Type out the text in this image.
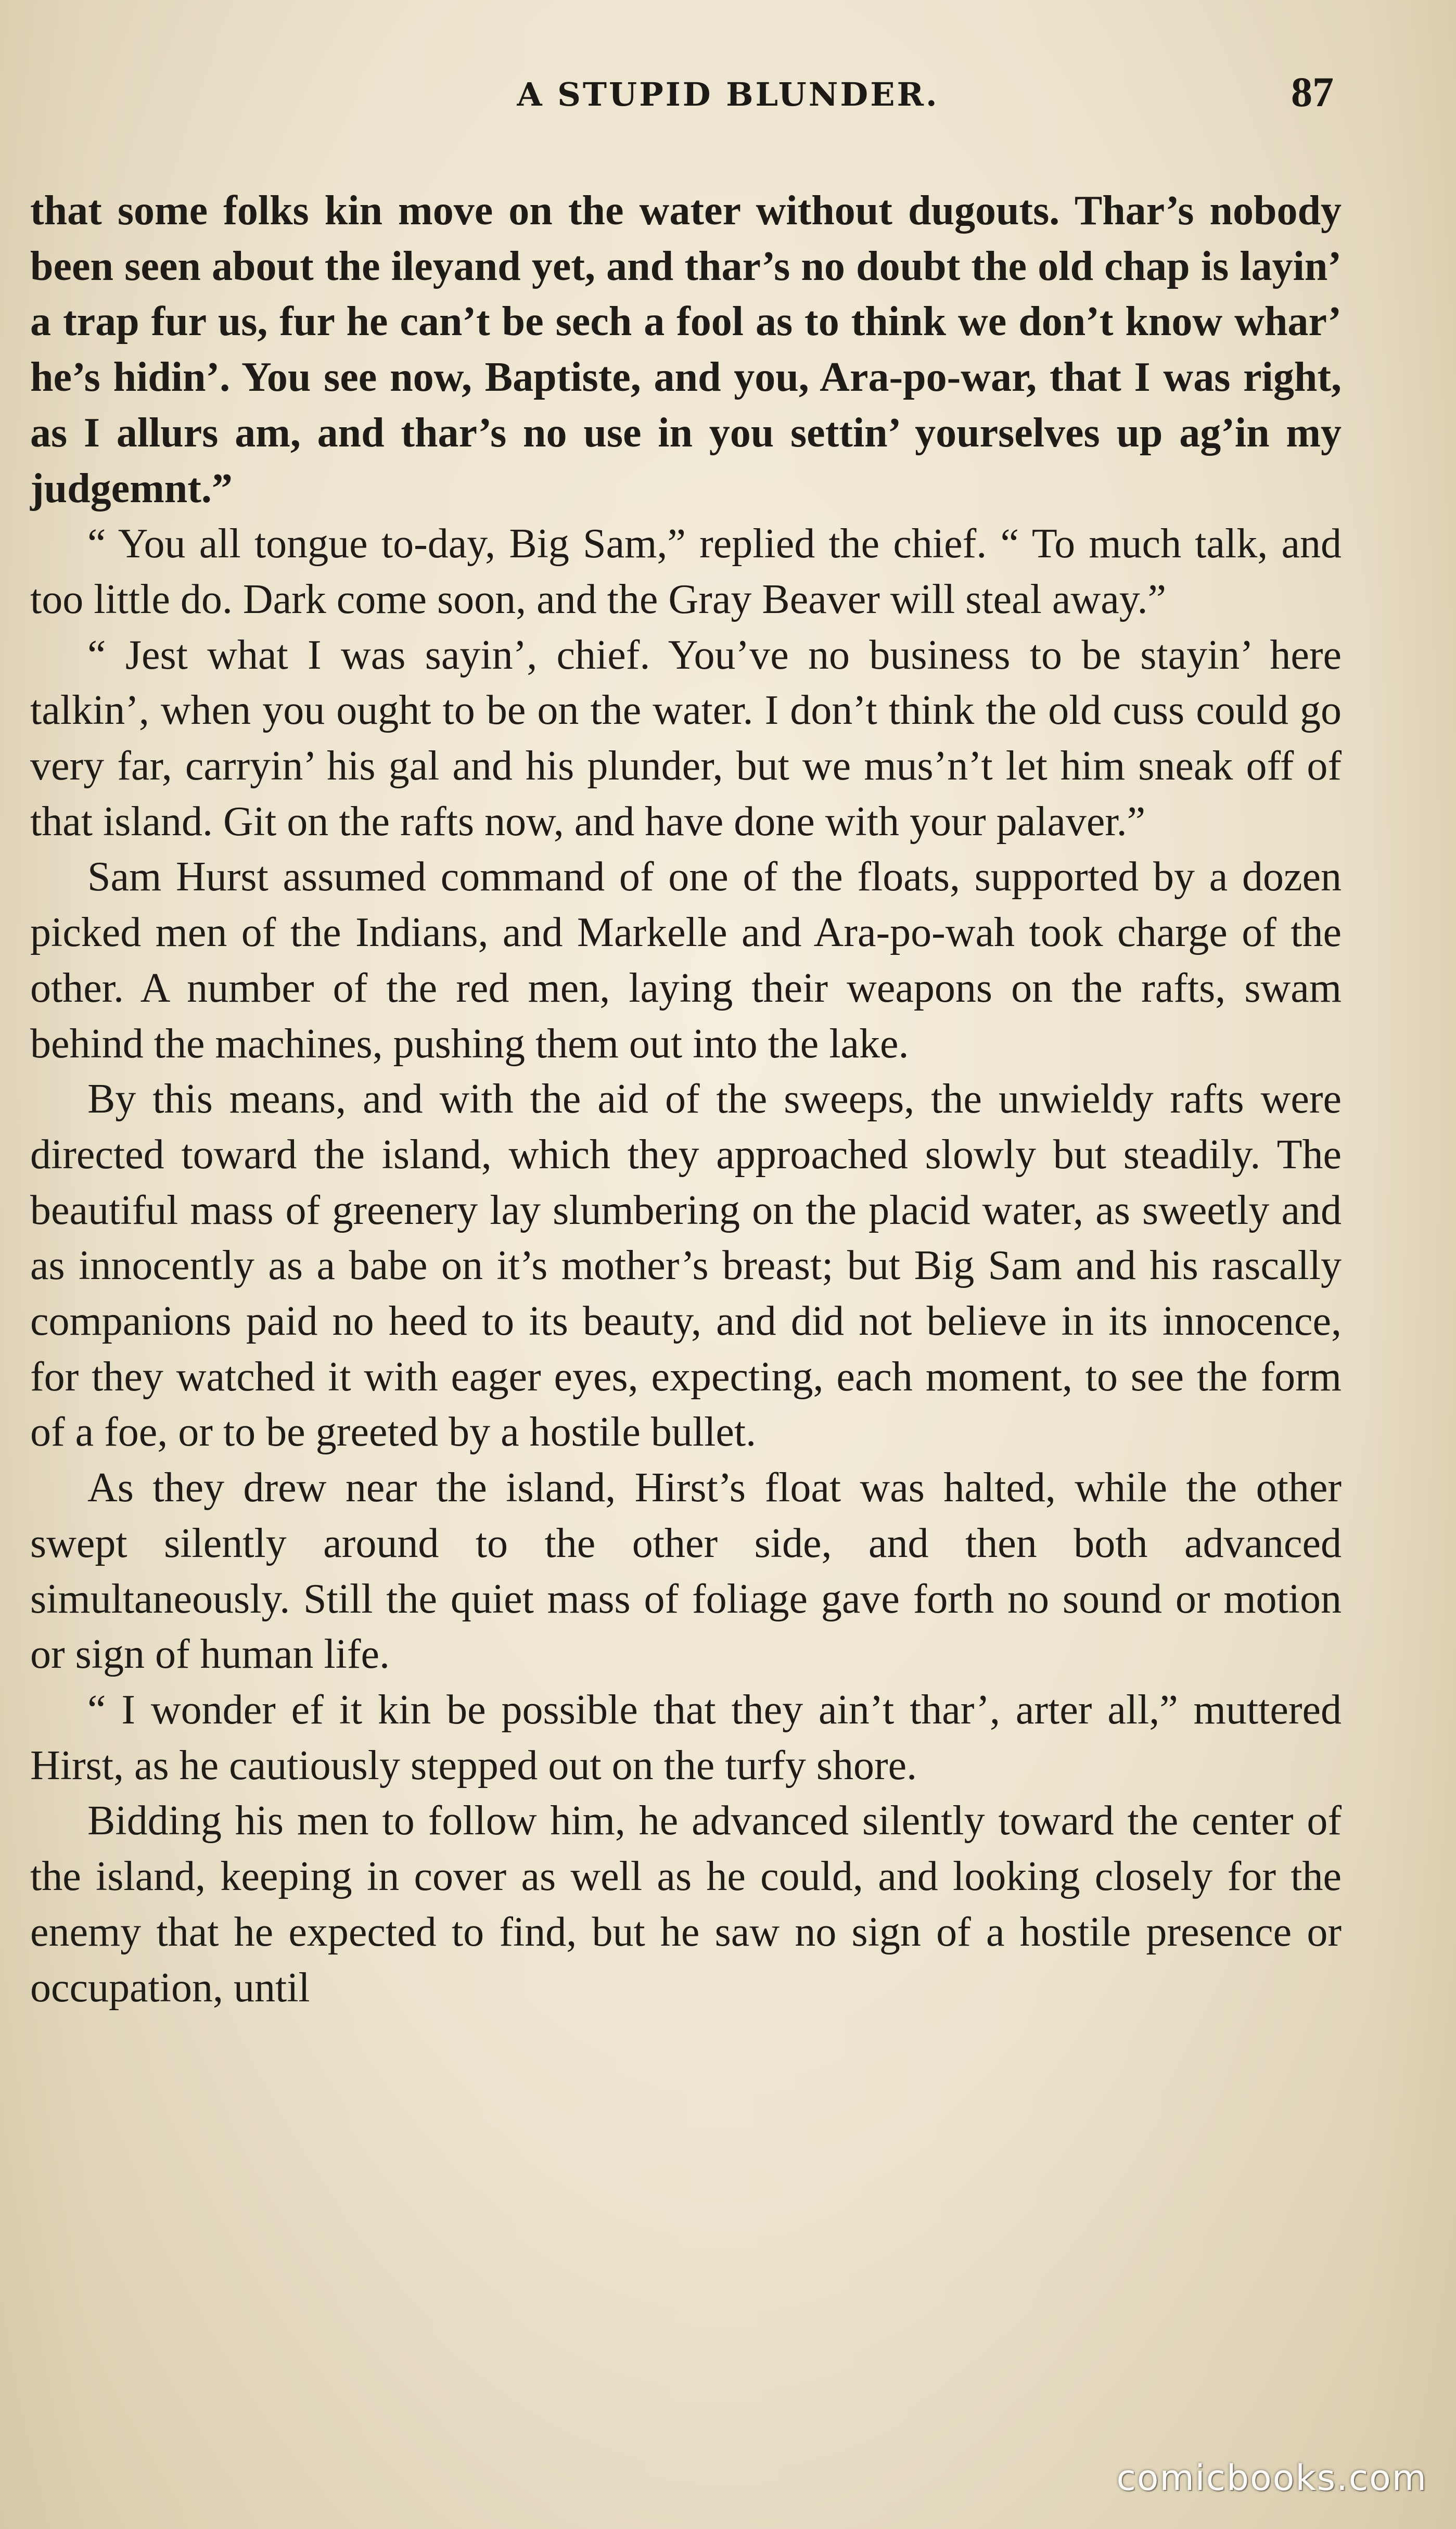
A STUPID BLUNDER.	87

that some folks kin move on the water without dugouts. Thar’s nobody been seen about the ileyand yet, and thar’s no doubt the old chap is layin’ a trap fur us, fur he can’t be sech a fool as to think we don’t know whar’ he’s hidin’. You see now, Baptiste, and you, Ara-po-war, that I was right, as I allurs am, and thar’s no use in you settin’ yourselves up ag’in my judgemnt.”

“ You all tongue to-day, Big Sam,” replied the chief. “ To much talk, and too little do. Dark come soon, and the Gray Beaver will steal away.”

“ Jest what I was sayin’, chief. You’ve no business to be stayin’ here talkin’, when you ought to be on the water. I don’t think the old cuss could go very far, carryin’ his gal and his plunder, but we mus’n’t let him sneak off of that island. Git on the rafts now, and have done with your palaver.”

Sam Hurst assumed command of one of the floats, supported by a dozen picked men of the Indians, and Markelle and Ara-po-wah took charge of the other. A number of the red men, laying their weapons on the rafts, swam behind the machines, pushing them out into the lake.

By this means, and with the aid of the sweeps, the unwieldy rafts were directed toward the island, which they approached slowly but steadily. The beautiful mass of greenery lay slumbering on the placid water, as sweetly and as innocently as a babe on it’s mother’s breast; but Big Sam and his rascally companions paid no heed to its beauty, and did not believe in its innocence, for they watched it with eager eyes, expecting, each moment, to see the form of a foe, or to be greeted by a hostile bullet.

As they drew near the island, Hirst’s float was halted, while the other swept silently around to the other side, and then both advanced simultaneously. Still the quiet mass of foliage gave forth no sound or motion or sign of human life.

“ I wonder ef it kin be possible that they ain’t thar’, arter all,” muttered Hirst, as he cautiously stepped out on the turfy shore.

Bidding his men to follow him, he advanced silently toward the center of the island, keeping in cover as well as he could, and looking closely for the enemy that he expected to find, but he saw no sign of a hostile presence or occupation, until

comicbooks.com
